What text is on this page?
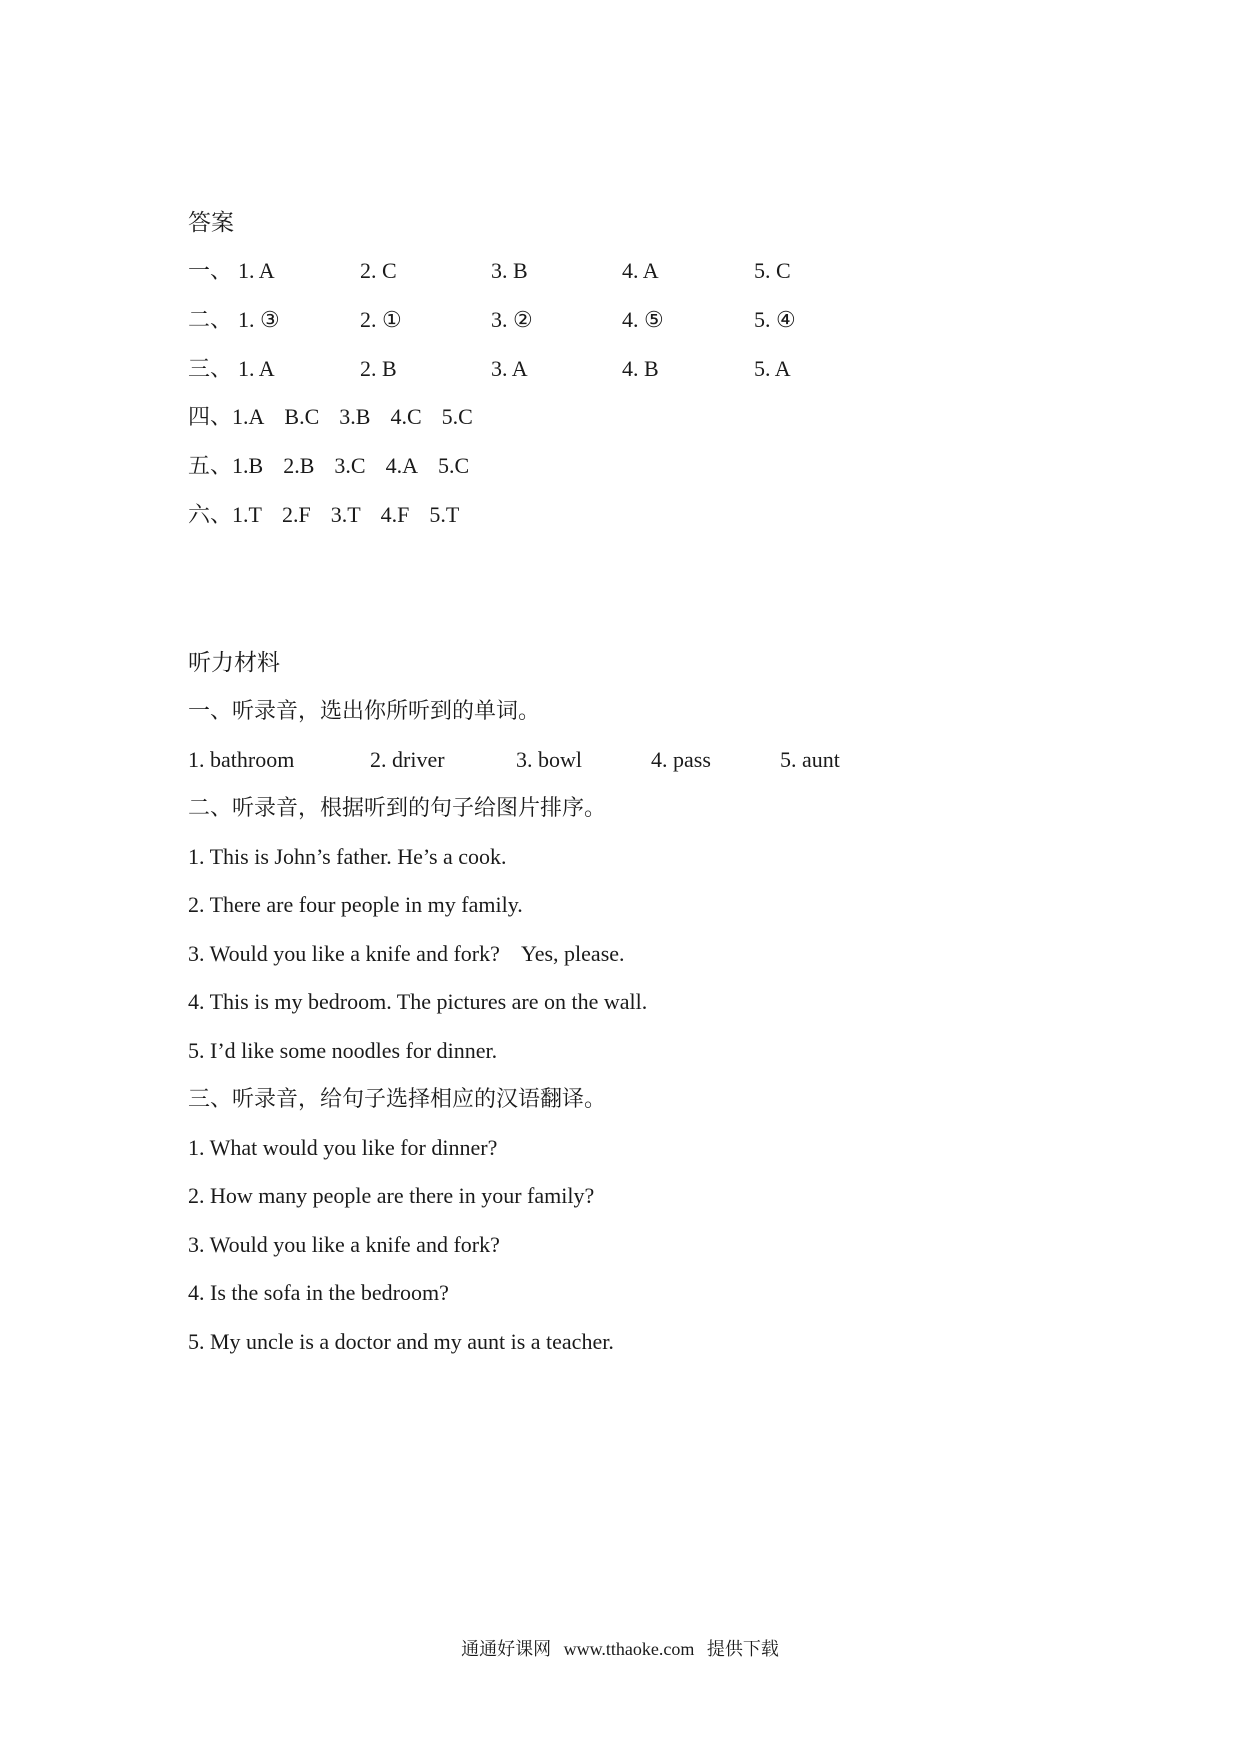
答案
一、 1. A	2. C	3. B	4. A	5. C
二、 1. ③	2. ①	3. ②	4. ⑤	5. ④
三、 1. A	2. B	3. A	4. B	5. A
四、1.A B.C 3.B 4.C 5.C
五、1.B 2.B 3.C 4.A 5.C
六、1.T 2.F 3.T 4.F 5.T
听力材料
一、听录音，选出你所听到的单词。
1. bathroom	2. driver	3. bowl	4. pass	5. aunt
二、听录音，根据听到的句子给图片排序。
1. This is John’s father. He’s a cook.
2. There are four people in my family.
3. Would you like a knife and fork?    Yes, please.
4. This is my bedroom. The pictures are on the wall.
5. I’d like some noodles for dinner.
三、听录音，给句子选择相应的汉语翻译。
1. What would you like for dinner?
2. How many people are there in your family?
3. Would you like a knife and fork?
4. Is the sofa in the bedroom?
5. My uncle is a doctor and my aunt is a teacher.
通通好课网 www.tthaoke.com 提供下载
